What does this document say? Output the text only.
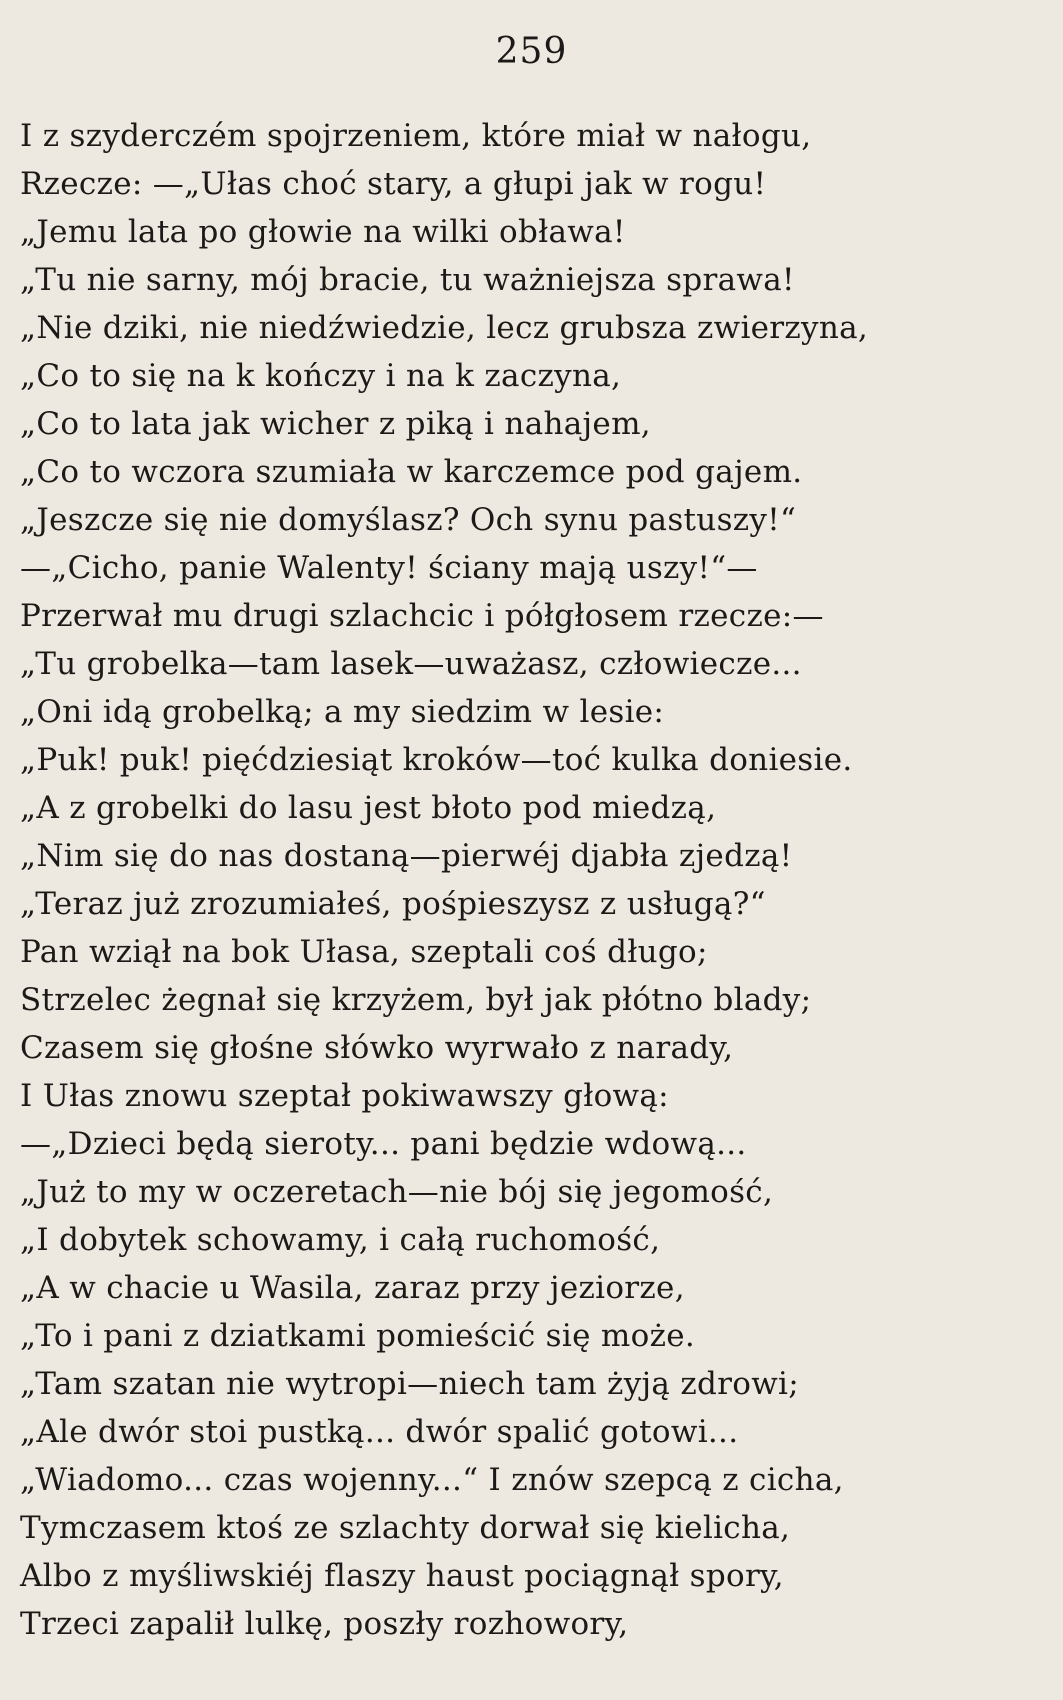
259
I z szyderczém spojrzeniem, które miał w nałogu,
Rzecze: —„Ułas choć stary, a głupi jak w rogu!
„Jemu lata po głowie na wilki obława!
„Tu nie sarny, mój bracie, tu ważniejsza sprawa!
„Nie dziki, nie niedźwiedzie, lecz grubsza zwierzyna,
„Co to się na k kończy i na k zaczyna,
„Co to lata jak wicher z piką i nahajem,
„Co to wczora szumiała w karczemce pod gajem.
„Jeszcze się nie domyślasz? Och synu pastuszy!“
—„Cicho, panie Walenty! ściany mają uszy!“—
Przerwał mu drugi szlachcic i półgłosem rzecze:—
„Tu grobelka—tam lasek—uważasz, człowiecze...
„Oni idą grobelką; a my siedzim w lesie:
„Puk! puk! pięćdziesiąt kroków—toć kulka doniesie.
„A z grobelki do lasu jest błoto pod miedzą,
„Nim się do nas dostaną—pierwéj djabła zjedzą!
„Teraz już zrozumiałeś, pośpieszysz z usługą?“
Pan wziął na bok Ułasa, szeptali coś długo;
Strzelec żegnał się krzyżem, był jak płótno blady;
Czasem się głośne słówko wyrwało z narady,
I Ułas znowu szeptał pokiwawszy głową:
—„Dzieci będą sieroty... pani będzie wdową...
„Już to my w oczeretach—nie bój się jegomość,
„I dobytek schowamy, i całą ruchomość,
„A w chacie u Wasila, zaraz przy jeziorze,
„To i pani z dziatkami pomieścić się może.
„Tam szatan nie wytropi—niech tam żyją zdrowi;
„Ale dwór stoi pustką... dwór spalić gotowi...
„Wiadomo... czas wojenny...“ I znów szepcą z cicha,
Tymczasem ktoś ze szlachty dorwał się kielicha,
Albo z myśliwskiéj flaszy haust pociągnął spory,
Trzeci zapalił lulkę, poszły rozhowory,
